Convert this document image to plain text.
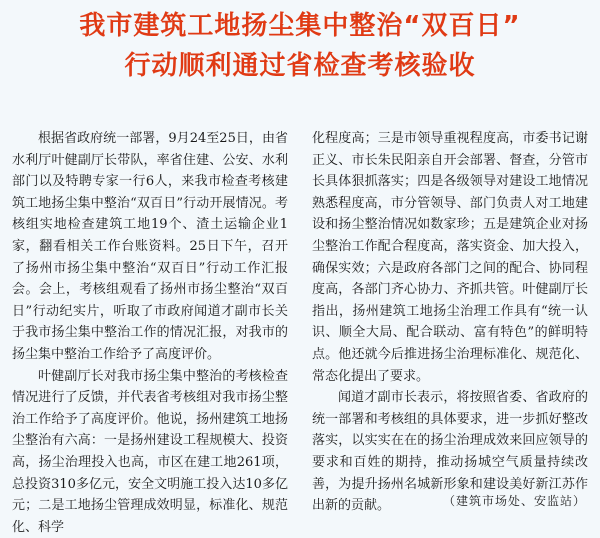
我市建筑工地扬尘集中整治“双百日”
行动顺利通过省检查考核验收

根据省政府统一部署，9月24至25日，由省水利厅叶健副厅长带队，率省住建、公安、水利部门以及特聘专家一行6人，来我市检查考核建筑工地扬尘集中整治“双百日”行动开展情况。考核组实地检查建筑工地19个、渣土运输企业1家，翻看相关工作台账资料。25日下午，召开了扬州市扬尘集中整治“双百日”行动工作汇报会。会上，考核组观看了扬州市扬尘整治“双百日”行动纪实片，听取了市政府闻道才副市长关于我市扬尘集中整治工作的情况汇报，对我市的扬尘集中整治工作给予了高度评价。

叶健副厅长对我市扬尘集中整治的考核检查情况进行了反馈，并代表省考核组对我市扬尘整治工作给予了高度评价。他说，扬州建筑工地扬尘整治有六高：一是扬州建设工程规模大、投资高，扬尘治理投入也高，市区在建工地261项，总投资310多亿元，安全文明施工投入达10多亿元；二是工地扬尘管理成效明显，标准化、规范化、科学

化程度高；三是市领导重视程度高，市委书记谢正义、市长朱民阳亲自开会部署、督查，分管市长具体狠抓落实；四是各级领导对建设工地情况熟悉程度高，市分管领导、部门负责人对工地建设和扬尘整治情况如数家珍；五是建筑企业对扬尘整治工作配合程度高，落实资金、加大投入，确保实效；六是政府各部门之间的配合、协同程度高，各部门齐心协力、齐抓共管。叶健副厅长指出，扬州建筑工地扬尘治理工作具有“统一认识、顺全大局、配合联动、富有特色”的鲜明特点。他还就今后推进扬尘治理标准化、规范化、常态化提出了要求。

闻道才副市长表示，将按照省委、省政府的统一部署和考核组的具体要求，进一步抓好整改落实，以实实在在的扬尘治理成效来回应领导的要求和百姓的期持，推动扬城空气质量持续改善，为提升扬州名城新形象和建设美好新江苏作出新的贡献。	（建筑市场处、安监站）
